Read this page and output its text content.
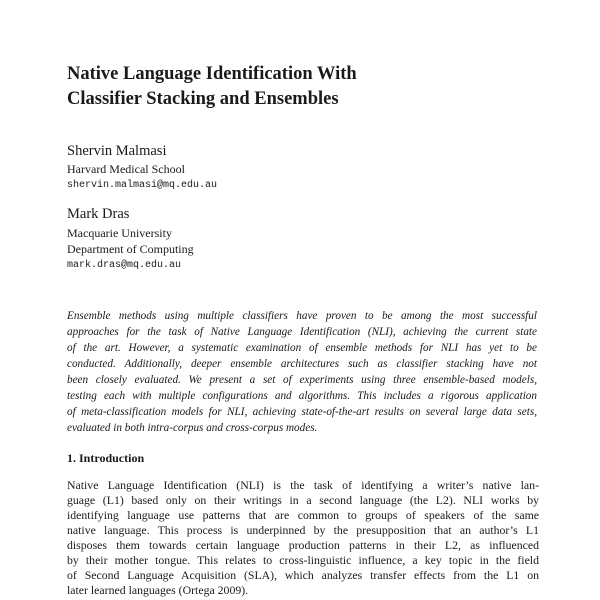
Native Language Identification With
Classifier Stacking and Ensembles
Shervin Malmasi
Harvard Medical School
shervin.malmasi@mq.edu.au
Mark Dras
Macquarie University
Department of Computing
mark.dras@mq.edu.au
Ensemble methods using multiple classifiers have proven to be among the most successful
approaches for the task of Native Language Identification (NLI), achieving the current state
of the art. However, a systematic examination of ensemble methods for NLI has yet to be
conducted. Additionally, deeper ensemble architectures such as classifier stacking have not
been closely evaluated. We present a set of experiments using three ensemble-based models,
testing each with multiple configurations and algorithms. This includes a rigorous application
of meta-classification models for NLI, achieving state-of-the-art results on several large data sets,
evaluated in both intra-corpus and cross-corpus modes.
1. Introduction
Native Language Identification (NLI) is the task of identifying a writer’s native lan-
guage (L1) based only on their writings in a second language (the L2). NLI works by
identifying language use patterns that are common to groups of speakers of the same
native language. This process is underpinned by the presupposition that an author’s L1
disposes them towards certain language production patterns in their L2, as influenced
by their mother tongue. This relates to cross-linguistic influence, a key topic in the field
of Second Language Acquisition (SLA), which analyzes transfer effects from the L1 on
later learned languages (Ortega 2009).
